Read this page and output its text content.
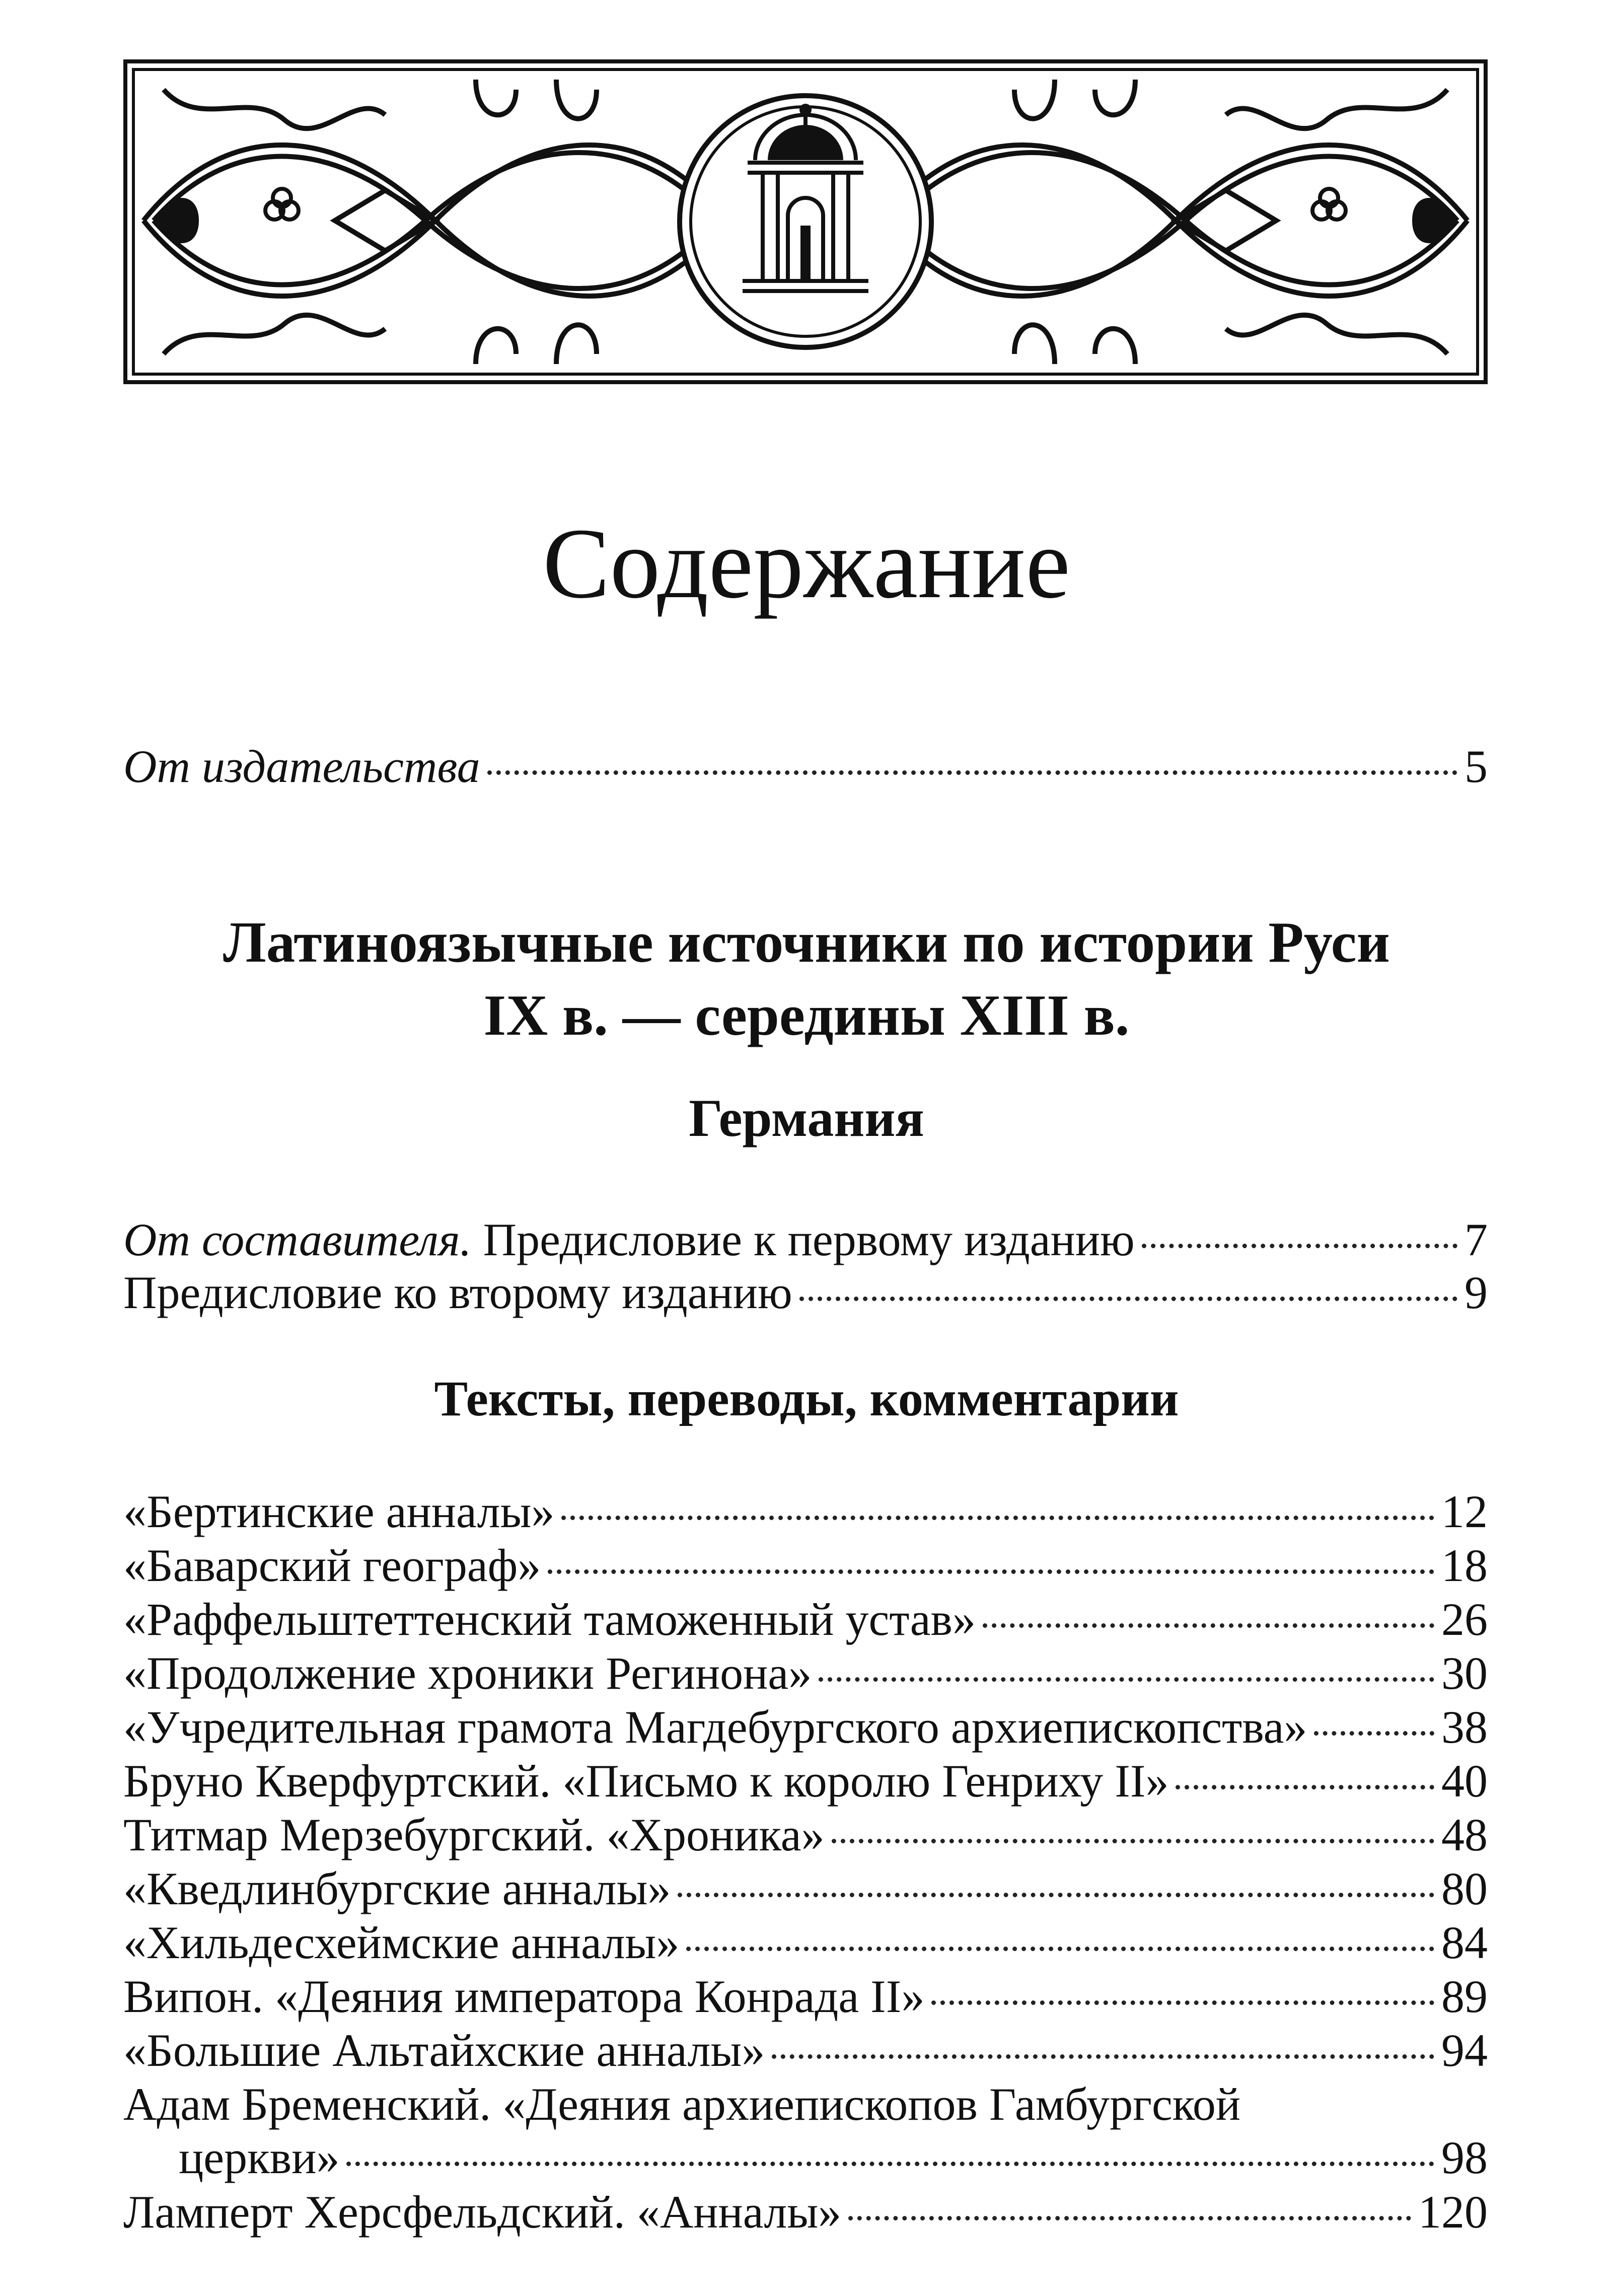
Содержание
От издательства	5
Латиноязычные источники по истории Руси
IX в. — середины XIII в.
Германия
От составителя. Предисловие к первому изданию	7
Предисловие ко второму изданию	9
Тексты, переводы, комментарии
«Бертинские анналы»	12
«Баварский географ»	18
«Раффельштеттенский таможенный устав»	26
«Продолжение хроники Регинона»	30
«Учредительная грамота Магдебургского архиепископства»	38
Бруно Кверфуртский. «Письмо к королю Генриху II»	40
Титмар Мерзебургский. «Хроника»	48
«Кведлинбургские анналы»	80
«Хильдесхеймские анналы»	84
Випон. «Деяния императора Конрада II»	89
«Большие Альтайхские анналы»	94
Адам Бременский. «Деяния архиепископов Гамбургской
церкви»	98
Ламперт Херсфельдский. «Анналы»	120
